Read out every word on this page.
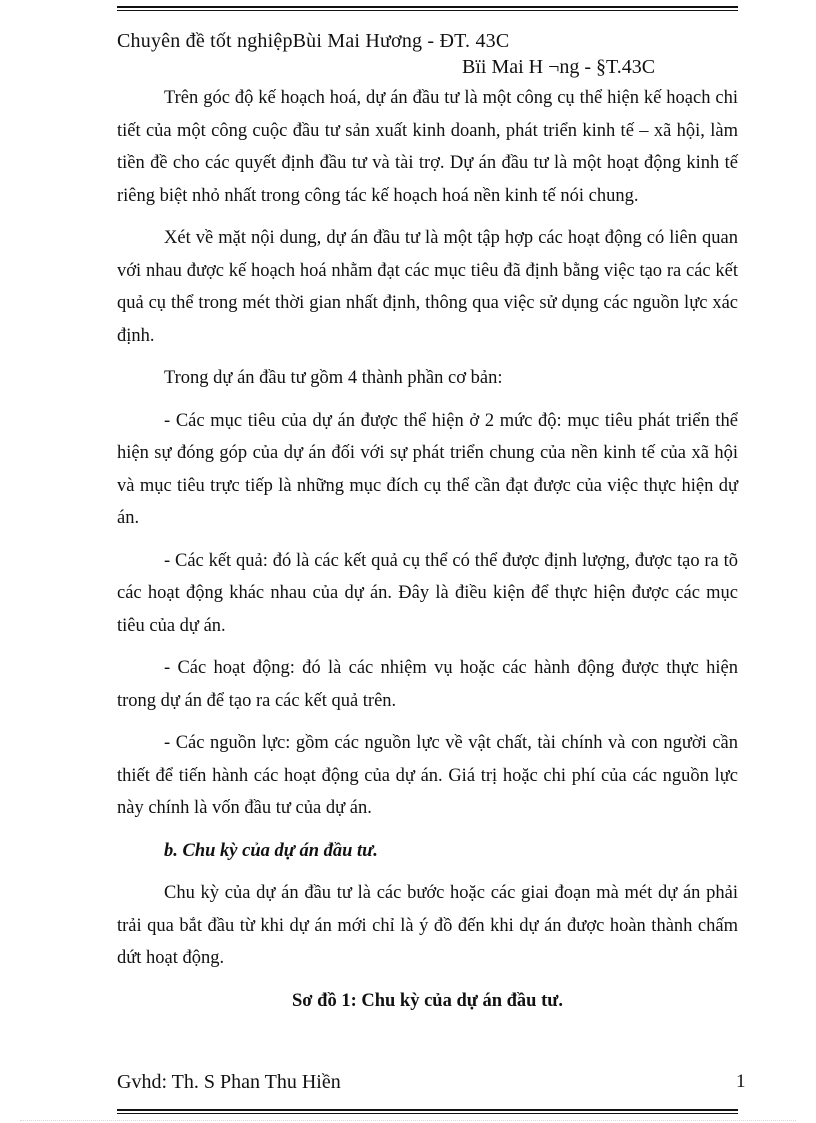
Chuyên đề tốt nghiệpBùi Mai Hương - ĐT. 43C
Bïi Mai H ¬ng - §T.43C

Trên góc độ kế hoạch hoá, dự án đầu tư là một công cụ thể hiện kế hoạch chi tiết của một công cuộc đầu tư sản xuất kinh doanh, phát triển kinh tế – xã hội, làm tiền đề cho các quyết định đầu tư và tài trợ. Dự án đầu tư là một hoạt động kinh tế riêng biệt nhỏ nhất trong công tác kế hoạch hoá nền kinh tế nói chung.

Xét về mặt nội dung, dự án đầu tư là một tập hợp các hoạt động có liên quan với nhau được kế hoạch hoá nhằm đạt các mục tiêu đã định bằng việc tạo ra các kết quả cụ thể trong mét thời gian nhất định, thông qua việc sử dụng các nguồn lực xác định.

Trong dự án đầu tư gồm 4 thành phần cơ bản:

- Các mục tiêu của dự án được thể hiện ở 2 mức độ: mục tiêu phát triển thể hiện sự đóng góp của dự án đối với sự phát triển chung của nền kinh tế của xã hội và mục tiêu trực tiếp là những mục đích cụ thể cần đạt được của việc thực hiện dự án.

- Các kết quả: đó là các kết quả cụ thể có thể được định lượng, được tạo ra tõ các hoạt động khác nhau của dự án. Đây là điều kiện để thực hiện được các mục tiêu của dự án.

- Các hoạt động: đó là các nhiệm vụ hoặc các hành động được thực hiện trong dự án để tạo ra các kết quả trên.

- Các nguồn lực: gồm các nguồn lực về vật chất, tài chính và con người cần thiết để tiến hành các hoạt động của dự án. Giá trị hoặc chi phí của các nguồn lực này chính là vốn đầu tư của dự án.

b. Chu kỳ của dự án đầu tư.

Chu kỳ của dự án đầu tư là các bước hoặc các giai đoạn mà mét dự án phải trải qua bắt đầu từ khi dự án mới chỉ là ý đồ đến khi dự án được hoàn thành chấm dứt hoạt động.

Sơ đồ 1: Chu kỳ của dự án đầu tư.

Gvhd: Th. S Phan Thu Hiền	1
